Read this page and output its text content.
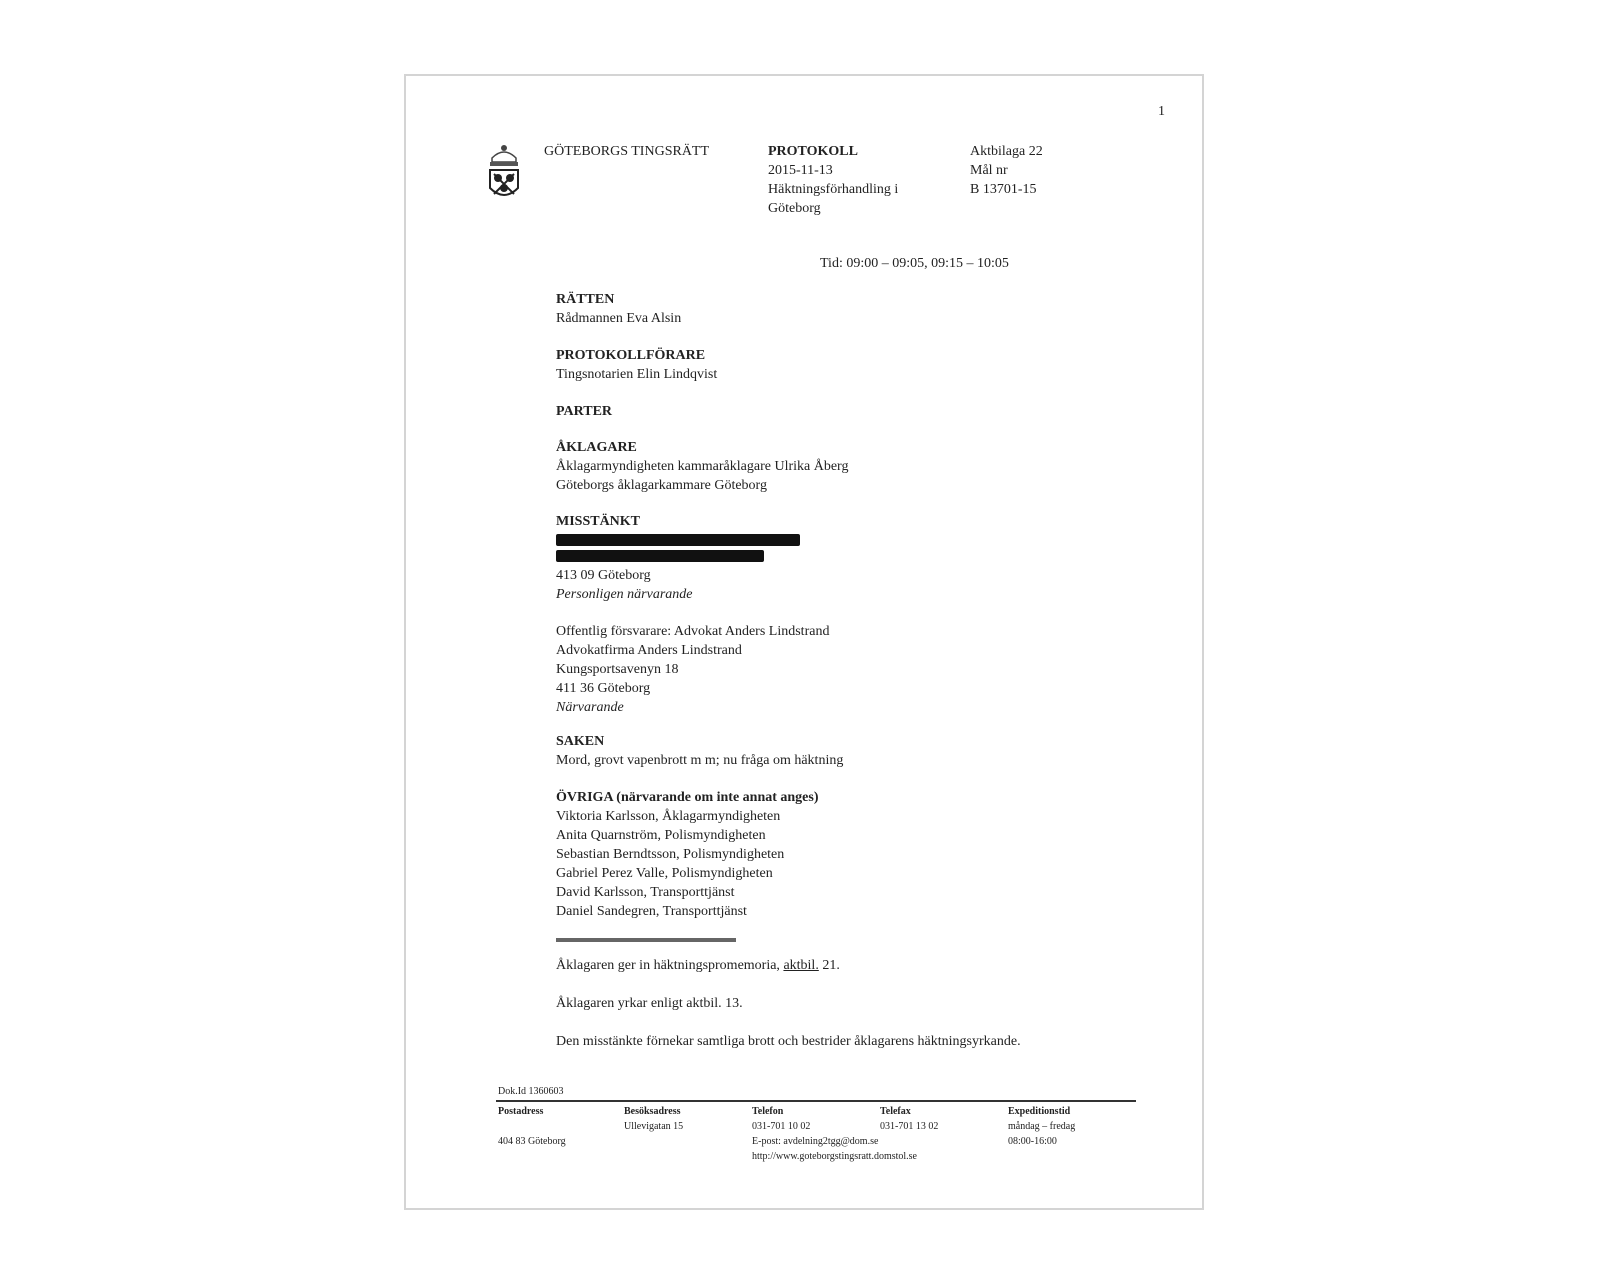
1
GÖTEBORGS TINGSRÄTT	PROTOKOLL
2015-11-13
Häktningsförhandling i
Göteborg
Aktbilaga 22
Mål nr
B 13701-15
Tid: 09:00 – 09:05, 09:15 – 10:05
RÄTTEN
Rådmannen Eva Alsin
PROTOKOLLFÖRARE
Tingsnotarien Elin Lindqvist
PARTER
ÅKLAGARE
Åklagarmyndigheten kammaråklagare Ulrika Åberg
Göteborgs åklagarkammare Göteborg
MISSTÄNKT
413 09 Göteborg
Personligen närvarande
Offentlig försvarare: Advokat Anders Lindstrand
Advokatfirma Anders Lindstrand
Kungsportsavenyn 18
411 36 Göteborg
Närvarande
SAKEN
Mord, grovt vapenbrott m m; nu fråga om häktning
ÖVRIGA (närvarande om inte annat anges)
Viktoria Karlsson, Åklagarmyndigheten
Anita Quarnström, Polismyndigheten
Sebastian Berndtsson, Polismyndigheten
Gabriel Perez Valle, Polismyndigheten
David Karlsson, Transporttjänst
Daniel Sandegren, Transporttjänst
Åklagaren ger in häktningspromemoria, aktbil. 21.
Åklagaren yrkar enligt aktbil. 13.
Den misstänkte förnekar samtliga brott och bestrider åklagarens häktningsyrkande.
Dok.Id 1360603
Postadress

404 83 Göteborg
Besöksadress
Ullevigatan 15
Telefon
031-701 10 02
E-post: avdelning2tgg@dom.se
http://www.goteborgstingsratt.domstol.se
Telefax
031-701 13 02
Expeditionstid
måndag – fredag
08:00-16:00
